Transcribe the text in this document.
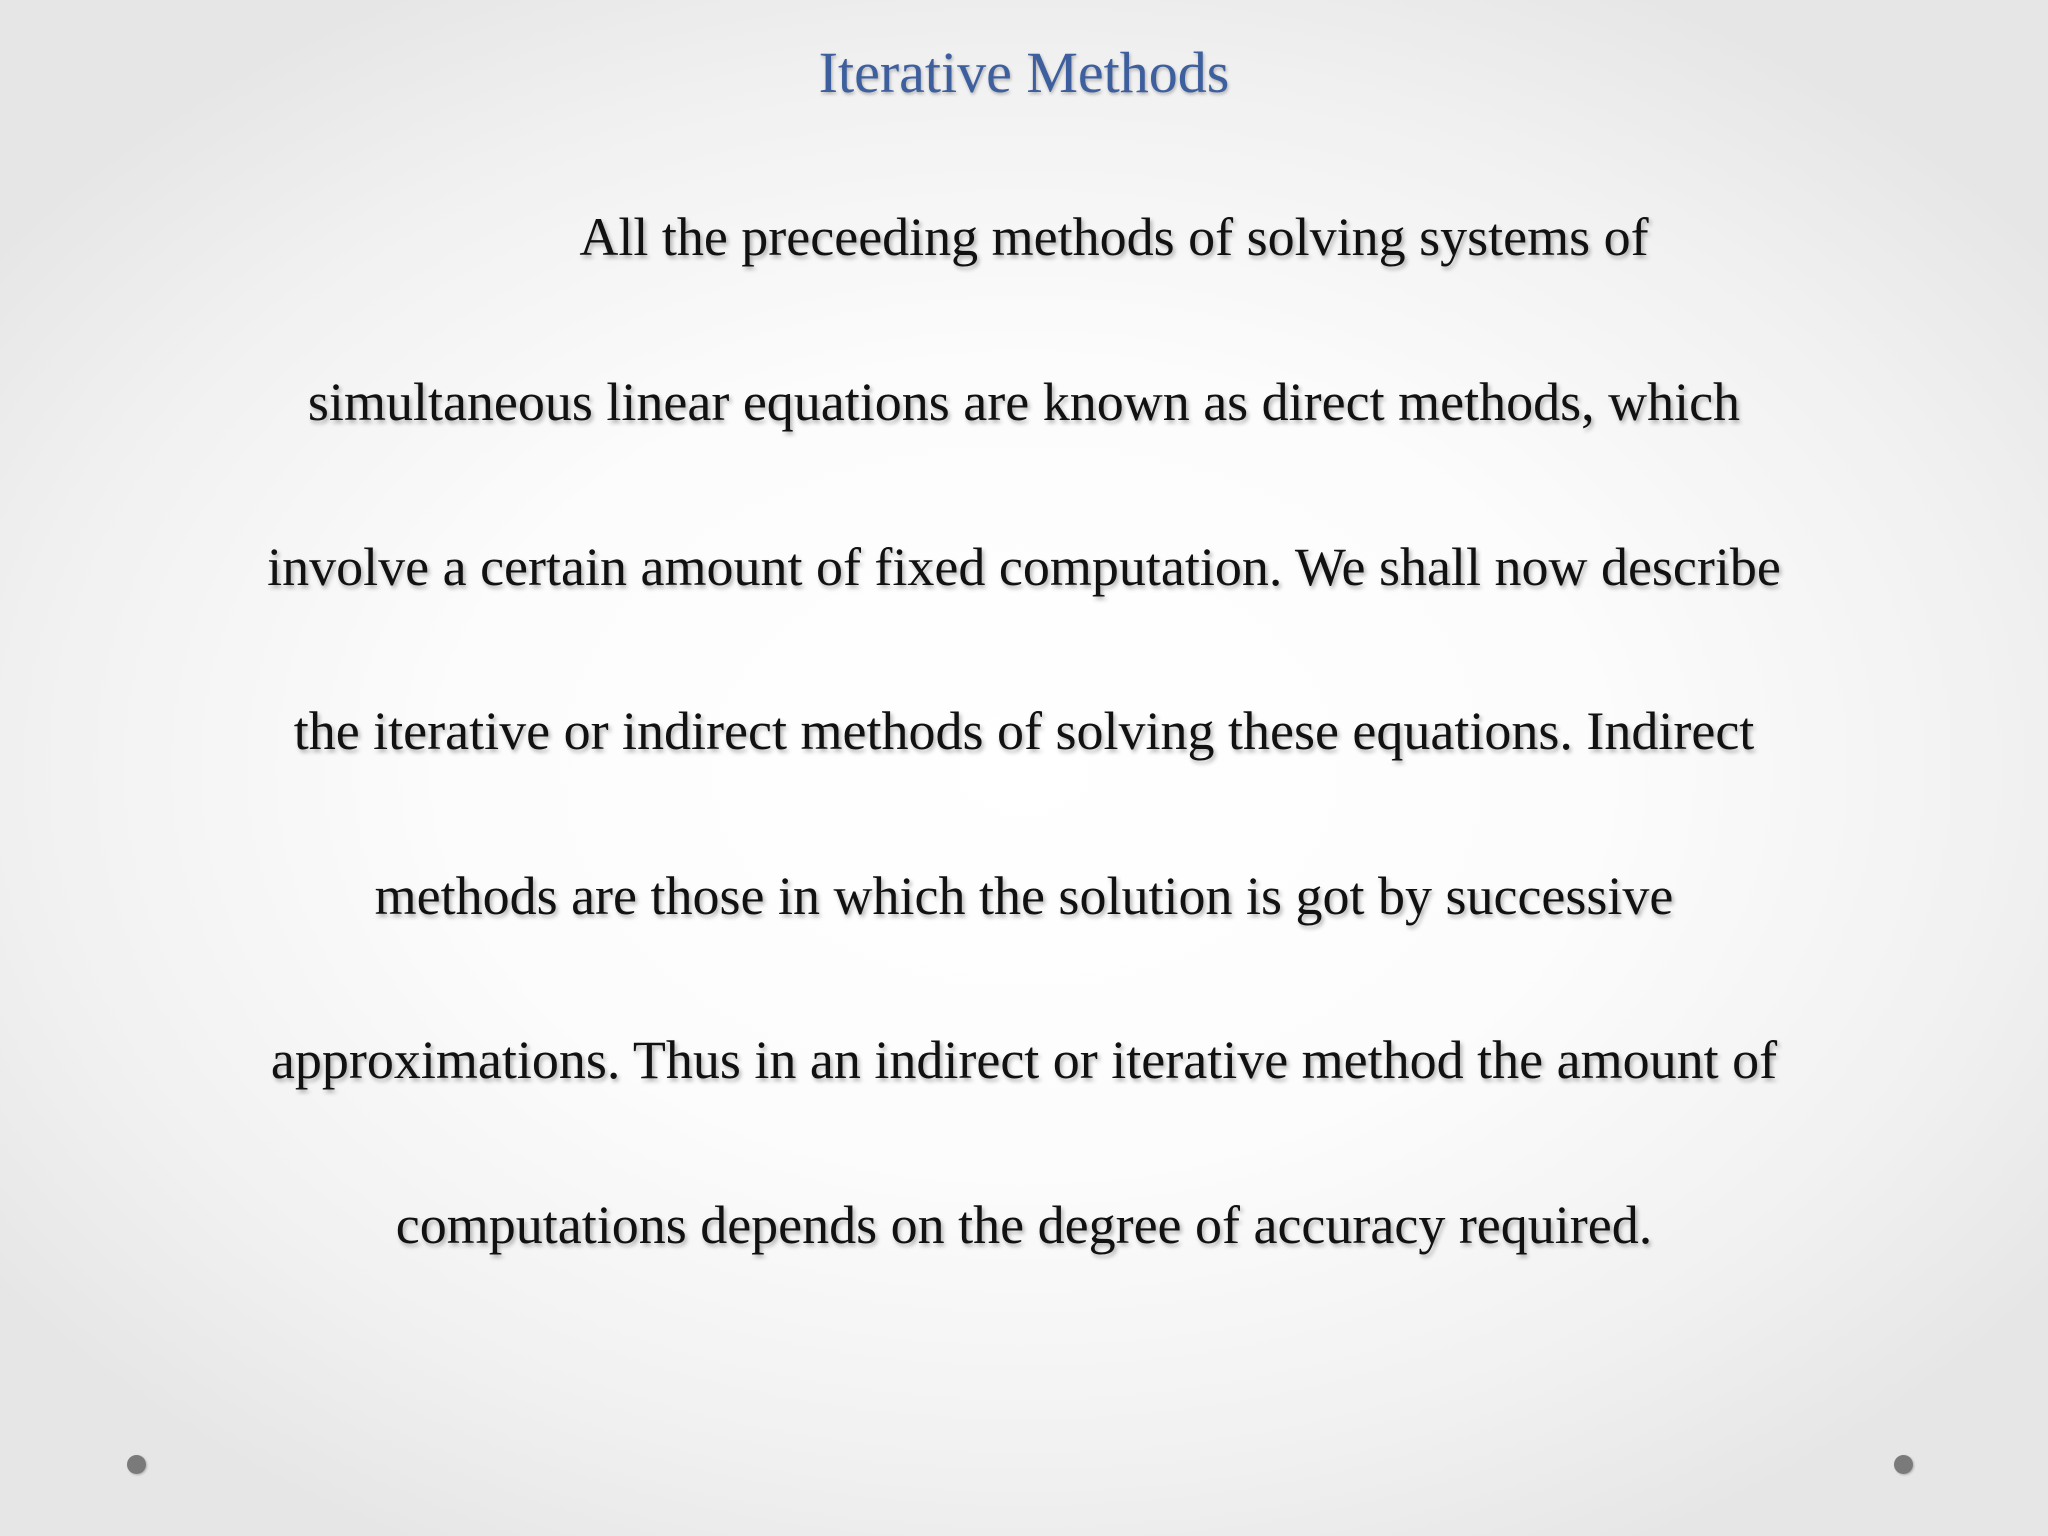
Iterative Methods

All the preceeding methods of solving systems of

simultaneous linear equations are known as direct methods, which

involve a certain amount of fixed computation. We shall now describe

the iterative or indirect methods of solving these equations. Indirect

methods are those in which the solution is got by successive

approximations. Thus in an indirect or iterative method the amount of

computations depends on the degree of accuracy required.
